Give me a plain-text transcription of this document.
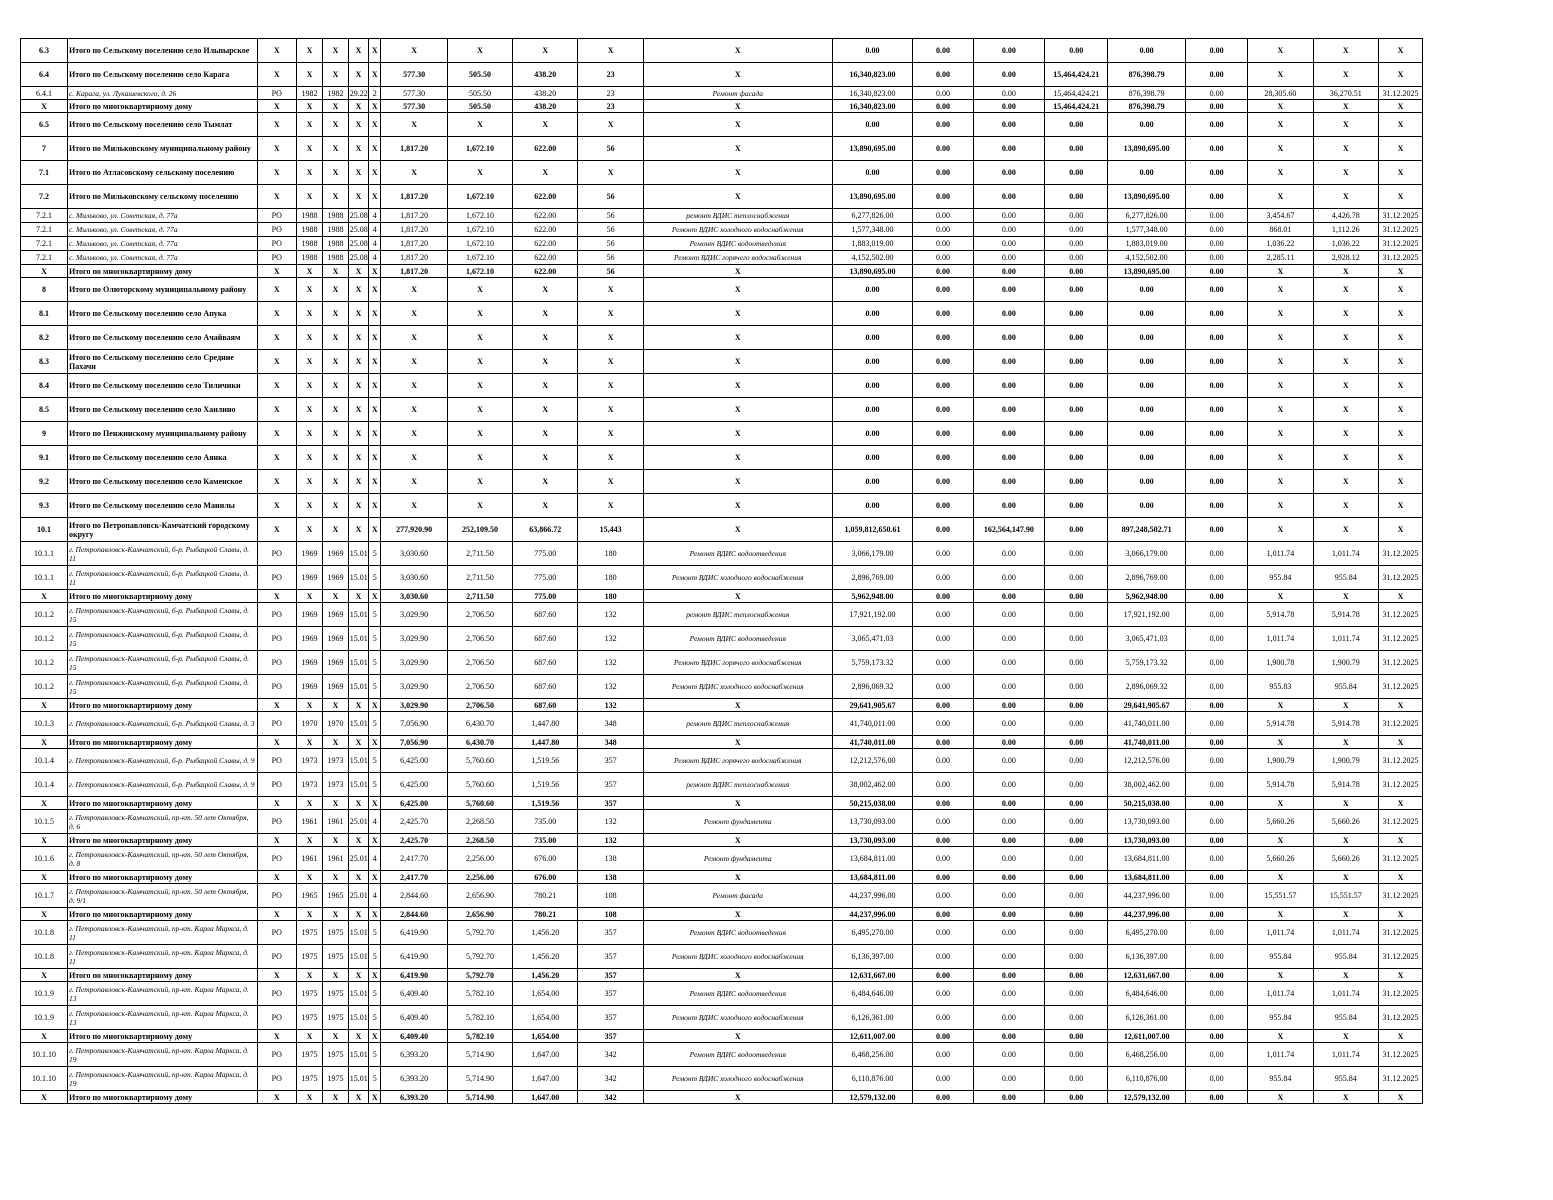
6.3	Итого по Сельскому поселению село Ильпырское	X	X	X	X	X	X	X	X	X	X	0.00	0.00	0.00	0.00	0.00	0.00	X	X	X
6.4	Итого по Сельскому поселению село Карага	X	X	X	X	X	577.30	505.50	438.20	23	X	16,340,823.00	0.00	0.00	15,464,424.21	876,398.79	0.00	X	X	X
6.4.1	с. Карага, ул. Лукашевского, д. 26	РО	1982	1982	29.22	2	577.30	505.50	438.20	23	Ремонт фасада	16,340,823.00	0.00	0.00	15,464,424.21	876,398.79	0.00	28,305.60	36,270.51	31.12.2025
X	Итого по многоквартирному дому	X	X	X	X	X	577.30	505.50	438.20	23	X	16,340,823.00	0.00	0.00	15,464,424.21	876,398.79	0.00	X	X	X
6.5	Итого по Сельскому поселению село Тымлат	X	X	X	X	X	X	X	X	X	X	0.00	0.00	0.00	0.00	0.00	0.00	X	X	X
7	Итого по Мильковскому муниципальному району	X	X	X	X	X	1,817.20	1,672.10	622.00	56	X	13,890,695.00	0.00	0.00	0.00	13,890,695.00	0.00	X	X	X
7.1	Итого по Атласовскому сельскому поселению	X	X	X	X	X	X	X	X	X	X	0.00	0.00	0.00	0.00	0.00	0.00	X	X	X
7.2	Итого по Мильковскому сельскому поселению	X	X	X	X	X	1,817.20	1,672.10	622.00	56	X	13,890,695.00	0.00	0.00	0.00	13,890,695.00	0.00	X	X	X
7.2.1	с. Мильково, ул. Советская, д. 77а	РО	1988	1988	25.08	4	1,817.20	1,672.10	622.00	56	ремонт ВДИС теплоснабжения	6,277,826.00	0.00	0.00	0.00	6,277,826.00	0.00	3,454.67	4,426.78	31.12.2025
7.2.1	с. Мильково, ул. Советская, д. 77а	РО	1988	1988	25.08	4	1,817.20	1,672.10	622.00	56	Ремонт ВДИС холодного водоснабжения	1,577,348.00	0.00	0.00	0.00	1,577,348.00	0.00	868.01	1,112.26	31.12.2025
7.2.1	с. Мильково, ул. Советская, д. 77а	РО	1988	1988	25.08	4	1,817.20	1,672.10	622.00	56	Ремонт ВДИС водоотведения	1,883,019.00	0.00	0.00	0.00	1,883,019.00	0.00	1,036.22	1,036.22	31.12.2025
7.2.1	с. Мильково, ул. Советская, д. 77а	РО	1988	1988	25.08	4	1,817.20	1,672.10	622.00	56	Ремонт ВДИС горячего водоснабжения	4,152,502.00	0.00	0.00	0.00	4,152,502.00	0.00	2,285.11	2,928.12	31.12.2025
X	Итого по многоквартирному дому	X	X	X	X	X	1,817.20	1,672.10	622.00	56	X	13,890,695.00	0.00	0.00	0.00	13,890,695.00	0.00	X	X	X
8	Итого по Олюторскому муниципальному району	X	X	X	X	X	X	X	X	X	X	0.00	0.00	0.00	0.00	0.00	0.00	X	X	X
8.1	Итого по Сельскому поселению село Апука	X	X	X	X	X	X	X	X	X	X	0.00	0.00	0.00	0.00	0.00	0.00	X	X	X
8.2	Итого по Сельскому поселению село Ачайваям	X	X	X	X	X	X	X	X	X	X	0.00	0.00	0.00	0.00	0.00	0.00	X	X	X
8.3	Итого по Сельскому поселению село Средние Пахачи	X	X	X	X	X	X	X	X	X	X	0.00	0.00	0.00	0.00	0.00	0.00	X	X	X
8.4	Итого по Сельскому поселению село Тиличики	X	X	X	X	X	X	X	X	X	X	0.00	0.00	0.00	0.00	0.00	0.00	X	X	X
8.5	Итого по Сельскому поселению село Хаилино	X	X	X	X	X	X	X	X	X	X	0.00	0.00	0.00	0.00	0.00	0.00	X	X	X
9	Итого по Пенжинскому муниципальному району	X	X	X	X	X	X	X	X	X	X	0.00	0.00	0.00	0.00	0.00	0.00	X	X	X
9.1	Итого по Сельскому поселению село Аянка	X	X	X	X	X	X	X	X	X	X	0.00	0.00	0.00	0.00	0.00	0.00	X	X	X
9.2	Итого по Сельскому поселению село Каменское	X	X	X	X	X	X	X	X	X	X	0.00	0.00	0.00	0.00	0.00	0.00	X	X	X
9.3	Итого по Сельскому поселению село Манилы	X	X	X	X	X	X	X	X	X	X	0.00	0.00	0.00	0.00	0.00	0.00	X	X	X
10.1	Итого по Петропавловск-Камчатский городскому округу	X	X	X	X	X	277,920.90	252,109.50	63,866.72	15,443	X	1,059,812,650.61	0.00	162,564,147.90	0.00	897,248,502.71	0.00	X	X	X
10.1.1	г. Петропавловск-Камчатский, б-р. Рыбацкой Славы, д. 11	РО	1969	1969	15.01	5	3,030.60	2,711.50	775.00	180	Ремонт ВДИС водоотведения	3,066,179.00	0.00	0.00	0.00	3,066,179.00	0.00	1,011.74	1,011.74	31.12.2025
10.1.1	г. Петропавловск-Камчатский, б-р. Рыбацкой Славы, д. 11	РО	1969	1969	15.01	5	3,030.60	2,711.50	775.00	180	Ремонт ВДИС холодного водоснабжения	2,896,769.00	0.00	0.00	0.00	2,896,769.00	0.00	955.84	955.84	31.12.2025
X	Итого по многоквартирному дому	X	X	X	X	X	3,030.60	2,711.50	775.00	180	X	5,962,948.00	0.00	0.00	0.00	5,962,948.00	0.00	X	X	X
10.1.2	г. Петропавловск-Камчатский, б-р. Рыбацкой Славы, д. 15	РО	1969	1969	15.01	5	3,029.90	2,706.50	687.60	132	ремонт ВДИС теплоснабжения	17,921,192.00	0.00	0.00	0.00	17,921,192.00	0.00	5,914.78	5,914.78	31.12.2025
10.1.2	г. Петропавловск-Камчатский, б-р. Рыбацкой Славы, д. 15	РО	1969	1969	15.01	5	3,029.90	2,706.50	687.60	132	Ремонт ВДИС водоотведения	3,065,471.03	0.00	0.00	0.00	3,065,471.03	0.00	1,011.74	1,011.74	31.12.2025
10.1.2	г. Петропавловск-Камчатский, б-р. Рыбацкой Славы, д. 15	РО	1969	1969	15.01	5	3,029.90	2,706.50	687.60	132	Ремонт ВДИС горячего водоснабжения	5,759,173.32	0.00	0.00	0.00	5,759,173.32	0.00	1,900.78	1,900.79	31.12.2025
10.1.2	г. Петропавловск-Камчатский, б-р. Рыбацкой Славы, д. 15	РО	1969	1969	15.01	5	3,029.90	2,706.50	687.60	132	Ремонт ВДИС холодного водоснабжения	2,896,069.32	0.00	0.00	0.00	2,896,069.32	0.00	955.83	955.84	31.12.2025
X	Итого по многоквартирному дому	X	X	X	X	X	3,029.90	2,706.50	687.60	132	X	29,641,905.67	0.00	0.00	0.00	29,641,905.67	0.00	X	X	X
10.1.3	г. Петропавловск-Камчатский, б-р. Рыбацкой Славы, д. 3	РО	1970	1970	15.01	5	7,056.90	6,430.70	1,447.80	348	ремонт ВДИС теплоснабжения	41,740,011.00	0.00	0.00	0.00	41,740,011.00	0.00	5,914.78	5,914.78	31.12.2025
X	Итого по многоквартирному дому	X	X	X	X	X	7,056.90	6,430.70	1,447.80	348	X	41,740,011.00	0.00	0.00	0.00	41,740,011.00	0.00	X	X	X
10.1.4	г. Петропавловск-Камчатский, б-р. Рыбацкой Славы, д. 9	РО	1973	1973	15.01	5	6,425.00	5,760.60	1,519.56	357	Ремонт ВДИС горячего водоснабжения	12,212,576.00	0.00	0.00	0.00	12,212,576.00	0.00	1,900.79	1,900.79	31.12.2025
10.1.4	г. Петропавловск-Камчатский, б-р. Рыбацкой Славы, д. 9	РО	1973	1973	15.01	5	6,425.00	5,760.60	1,519.56	357	ремонт ВДИС теплоснабжения	38,002,462.00	0.00	0.00	0.00	38,002,462.00	0.00	5,914.78	5,914.78	31.12.2025
X	Итого по многоквартирному дому	X	X	X	X	X	6,425.00	5,760.60	1,519.56	357	X	50,215,038.00	0.00	0.00	0.00	50,215,038.00	0.00	X	X	X
10.1.5	г. Петропавловск-Камчатский, пр-кт. 50 лет Октября, д. 6	РО	1961	1961	25.01	4	2,425.70	2,268.50	735.00	132	Ремонт фундамента	13,730,093.00	0.00	0.00	0.00	13,730,093.00	0.00	5,660.26	5,660.26	31.12.2025
X	Итого по многоквартирному дому	X	X	X	X	X	2,425.70	2,268.50	735.00	132	X	13,730,093.00	0.00	0.00	0.00	13,730,093.00	0.00	X	X	X
10.1.6	г. Петропавловск-Камчатский, пр-кт. 50 лет Октября, д. 8	РО	1961	1961	25.01	4	2,417.70	2,256.00	676.00	138	Ремонт фундамента	13,684,811.00	0.00	0.00	0.00	13,684,811.00	0.00	5,660.26	5,660.26	31.12.2025
X	Итого по многоквартирному дому	X	X	X	X	X	2,417.70	2,256.00	676.00	138	X	13,684,811.00	0.00	0.00	0.00	13,684,811.00	0.00	X	X	X
10.1.7	г. Петропавловск-Камчатский, пр-кт. 50 лет Октября, д. 9/1	РО	1965	1965	25.01	4	2,844.60	2,656.90	780.21	108	Ремонт фасада	44,237,996.00	0.00	0.00	0.00	44,237,996.00	0.00	15,551.57	15,551.57	31.12.2025
X	Итого по многоквартирному дому	X	X	X	X	X	2,844.60	2,656.90	780.21	108	X	44,237,996.00	0.00	0.00	0.00	44,237,996.00	0.00	X	X	X
10.1.8	г. Петропавловск-Камчатский, пр-кт. Карла Маркса, д. 11	РО	1975	1975	15.01	5	6,419.90	5,792.70	1,456.20	357	Ремонт ВДИС водоотведения	6,495,270.00	0.00	0.00	0.00	6,495,270.00	0.00	1,011.74	1,011.74	31.12.2025
10.1.8	г. Петропавловск-Камчатский, пр-кт. Карла Маркса, д. 11	РО	1975	1975	15.01	5	6,419.90	5,792.70	1,456.20	357	Ремонт ВДИС холодного водоснабжения	6,136,397.00	0.00	0.00	0.00	6,136,397.00	0.00	955.84	955.84	31.12.2025
X	Итого по многоквартирному дому	X	X	X	X	X	6,419.90	5,792.70	1,456.20	357	X	12,631,667.00	0.00	0.00	0.00	12,631,667.00	0.00	X	X	X
10.1.9	г. Петропавловск-Камчатский, пр-кт. Карла Маркса, д. 13	РО	1975	1975	15.01	5	6,409.40	5,782.10	1,654.00	357	Ремонт ВДИС водоотведения	6,484,646.00	0.00	0.00	0.00	6,484,646.00	0.00	1,011.74	1,011.74	31.12.2025
10.1.9	г. Петропавловск-Камчатский, пр-кт. Карла Маркса, д. 13	РО	1975	1975	15.01	5	6,409.40	5,782.10	1,654.00	357	Ремонт ВДИС холодного водоснабжения	6,126,361.00	0.00	0.00	0.00	6,126,361.00	0.00	955.84	955.84	31.12.2025
X	Итого по многоквартирному дому	X	X	X	X	X	6,409.40	5,782.10	1,654.00	357	X	12,611,007.00	0.00	0.00	0.00	12,611,007.00	0.00	X	X	X
10.1.10	г. Петропавловск-Камчатский, пр-кт. Карла Маркса, д. 19	РО	1975	1975	15.01	5	6,393.20	5,714.90	1,647.00	342	Ремонт ВДИС водоотведения	6,468,256.00	0.00	0.00	0.00	6,468,256.00	0.00	1,011.74	1,011.74	31.12.2025
10.1.10	г. Петропавловск-Камчатский, пр-кт. Карла Маркса, д. 19	РО	1975	1975	15.01	5	6,393.20	5,714.90	1,647.00	342	Ремонт ВДИС холодного водоснабжения	6,110,876.00	0.00	0.00	0.00	6,110,876.00	0.00	955.84	955.84	31.12.2025
X	Итого по многоквартирному дому	X	X	X	X	X	6,393.20	5,714.90	1,647.00	342	X	12,579,132.00	0.00	0.00	0.00	12,579,132.00	0.00	X	X	X
